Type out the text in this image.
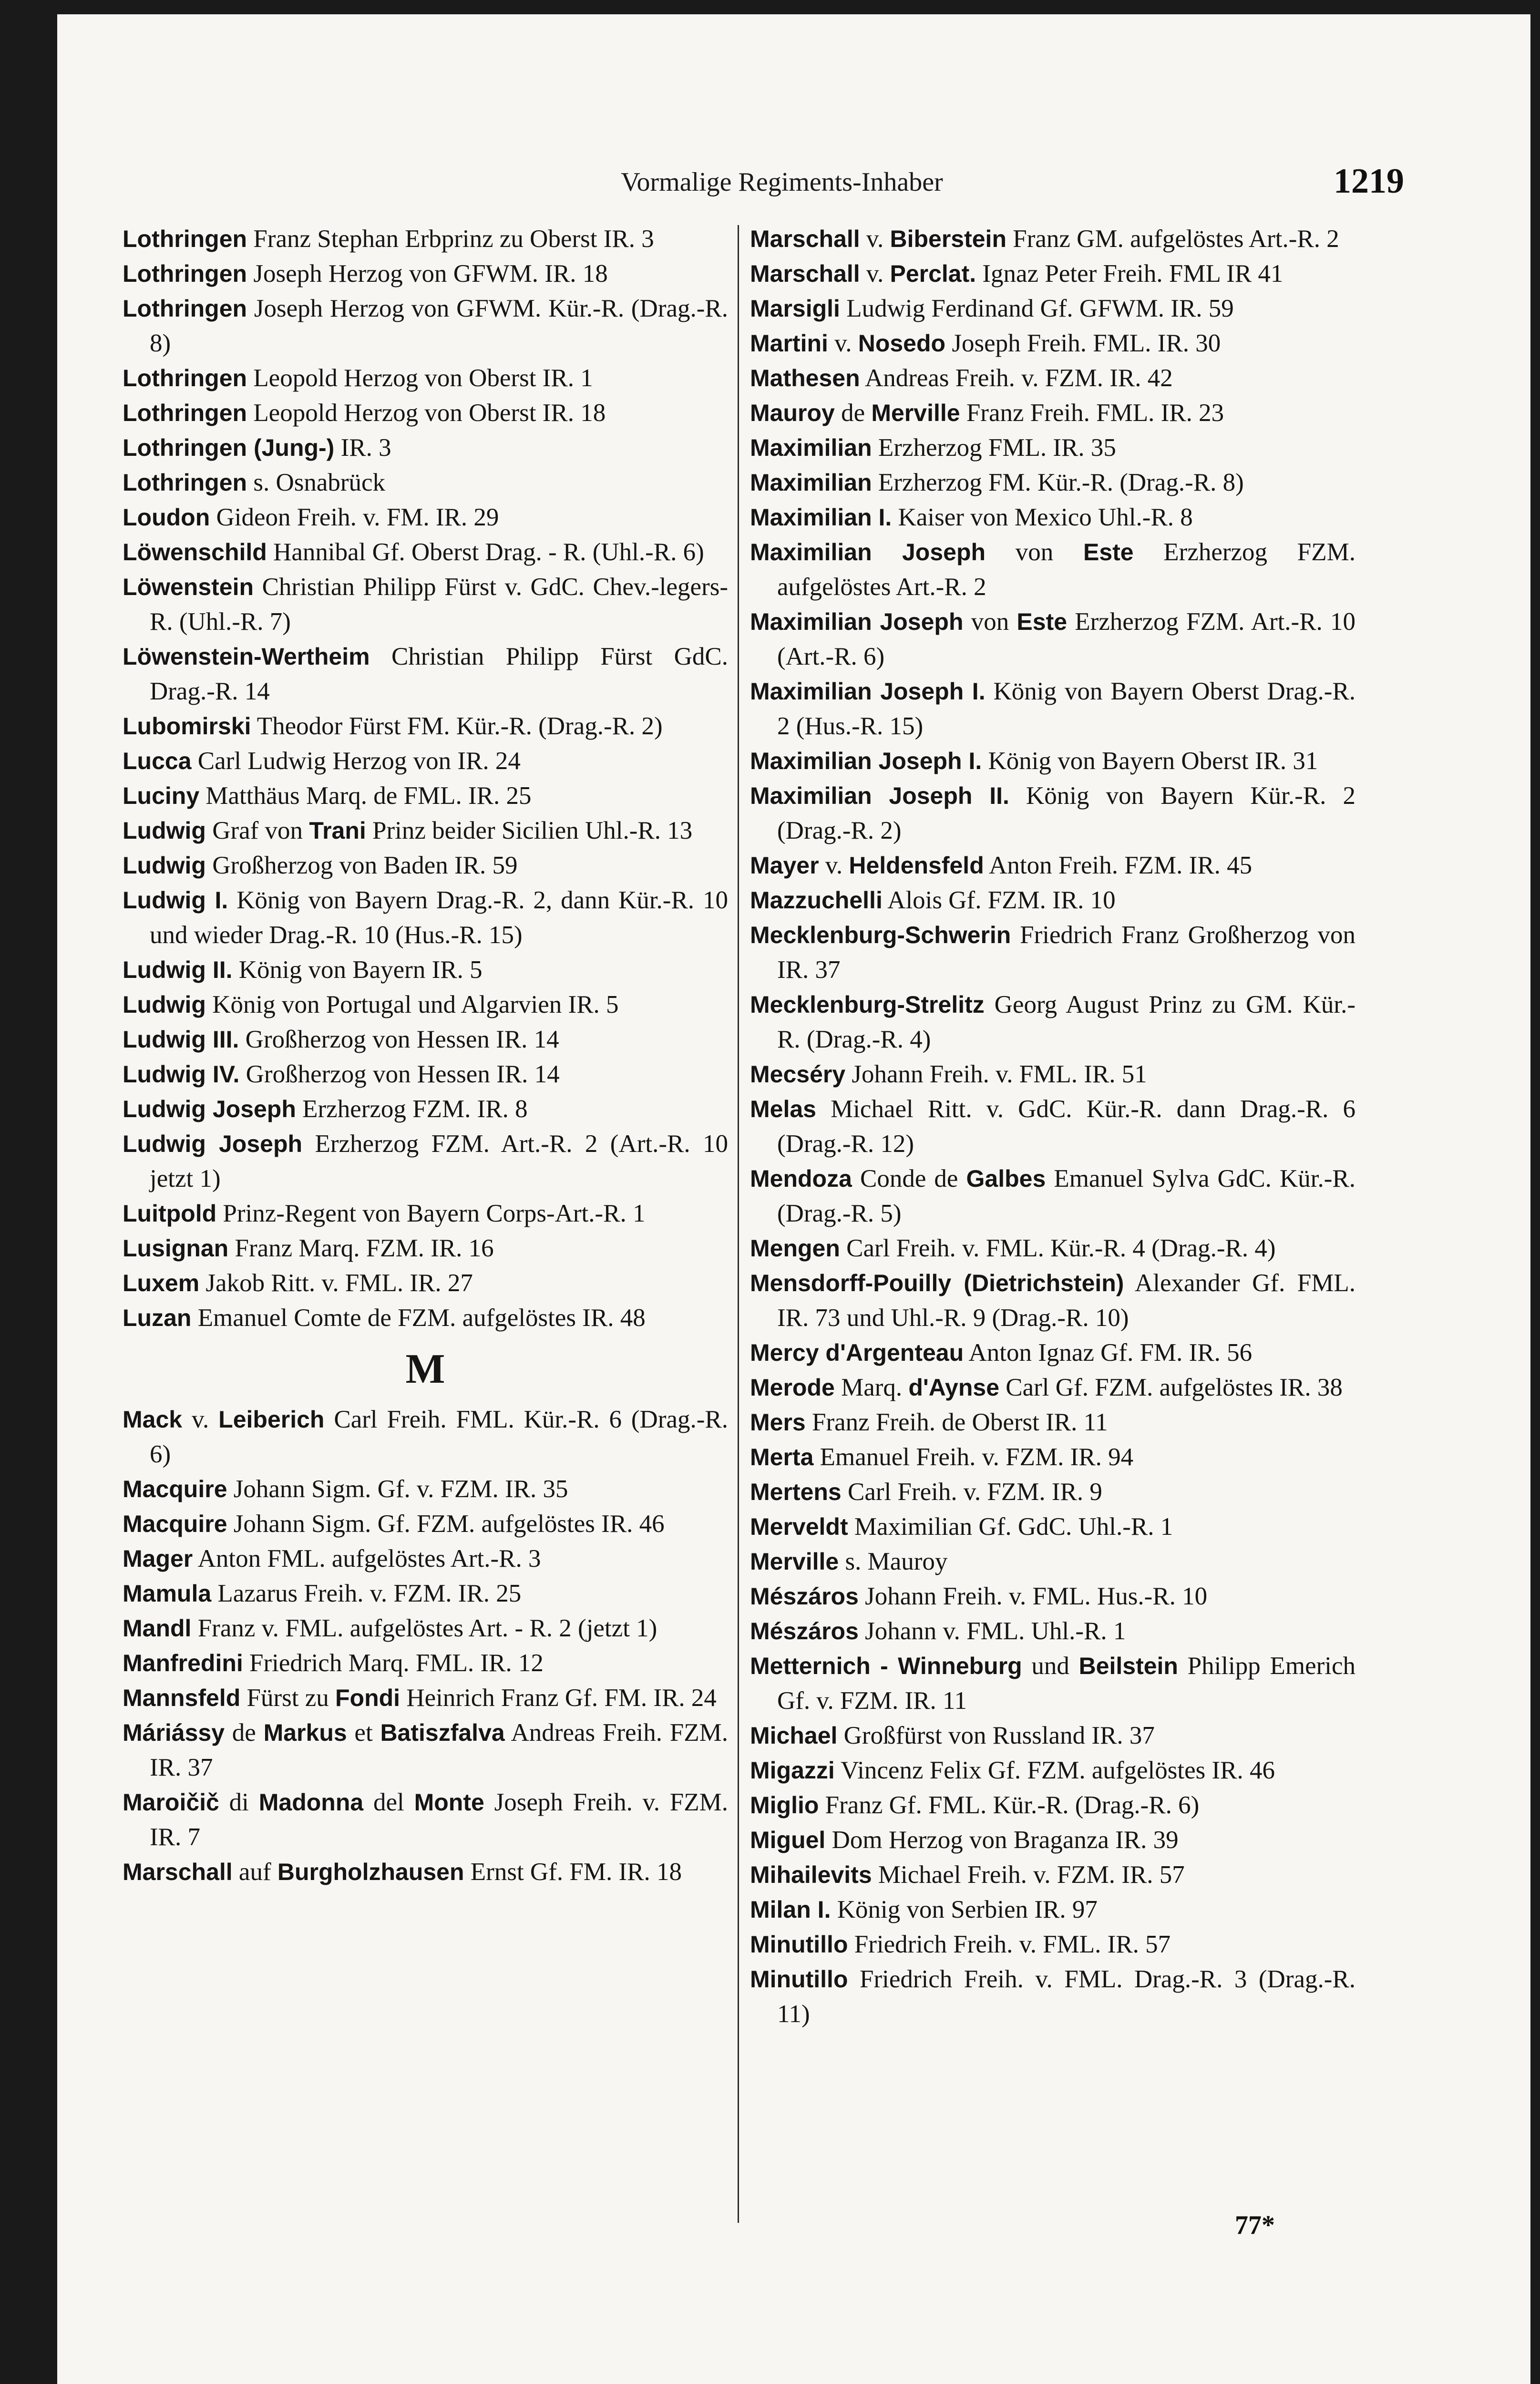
Vormalige Regiments-Inhaber	1219

Lothringen Franz Stephan Erbprinz zu Oberst IR. 3

Lothringen Joseph Herzog von GFWM. IR. 18

Lothringen Joseph Herzog von GFWM. Kür.-R. (Drag.-R. 8)

Lothringen Leopold Herzog von Oberst IR. 1

Lothringen Leopold Herzog von Oberst IR. 18

Lothringen (Jung-) IR. 3

Lothringen s. Osnabrück

Loudon Gideon Freih. v. FM. IR. 29

Löwenschild Hannibal Gf. Oberst Drag. - R. (Uhl.-R. 6)

Löwenstein Christian Philipp Fürst v. GdC. Chev.-legers-R. (Uhl.-R. 7)

Löwenstein-Wertheim Christian Philipp Fürst GdC. Drag.-R. 14

Lubomirski Theodor Fürst FM. Kür.-R. (Drag.-R. 2)

Lucca Carl Ludwig Herzog von IR. 24

Luciny Matthäus Marq. de FML. IR. 25

Ludwig Graf von Trani Prinz beider Sicilien Uhl.-R. 13

Ludwig Großherzog von Baden IR. 59

Ludwig I. König von Bayern Drag.-R. 2, dann Kür.-R. 10 und wieder Drag.-R. 10 (Hus.-R. 15)

Ludwig II. König von Bayern IR. 5

Ludwig König von Portugal und Algarvien IR. 5

Ludwig III. Großherzog von Hessen IR. 14

Ludwig IV. Großherzog von Hessen IR. 14

Ludwig Joseph Erzherzog FZM. IR. 8

Ludwig Joseph Erzherzog FZM. Art.-R. 2 (Art.-R. 10 jetzt 1)

Luitpold Prinz-Regent von Bayern Corps-Art.-R. 1

Lusignan Franz Marq. FZM. IR. 16

Luxem Jakob Ritt. v. FML. IR. 27

Luzan Emanuel Comte de FZM. aufgelöstes IR. 48

M

Mack v. Leiberich Carl Freih. FML. Kür.-R. 6 (Drag.-R. 6)

Macquire Johann Sigm. Gf. v. FZM. IR. 35

Macquire Johann Sigm. Gf. FZM. aufgelöstes IR. 46

Mager Anton FML. aufgelöstes Art.-R. 3

Mamula Lazarus Freih. v. FZM. IR. 25

Mandl Franz v. FML. aufgelöstes Art. - R. 2 (jetzt 1)

Manfredini Friedrich Marq. FML. IR. 12

Mannsfeld Fürst zu Fondi Heinrich Franz Gf. FM. IR. 24

Máriássy de Markus et Batiszfalva Andreas Freih. FZM. IR. 37

Maroičič di Madonna del Monte Joseph Freih. v. FZM. IR. 7

Marschall auf Burgholzhausen Ernst Gf. FM. IR. 18

Marschall v. Biberstein Franz GM. aufgelöstes Art.-R. 2

Marschall v. Perclat. Ignaz Peter Freih. FML IR 41

Marsigli Ludwig Ferdinand Gf. GFWM. IR. 59

Martini v. Nosedo Joseph Freih. FML. IR. 30

Mathesen Andreas Freih. v. FZM. IR. 42

Mauroy de Merville Franz Freih. FML. IR. 23

Maximilian Erzherzog FML. IR. 35

Maximilian Erzherzog FM. Kür.-R. (Drag.-R. 8)

Maximilian I. Kaiser von Mexico Uhl.-R. 8

Maximilian Joseph von Este Erzherzog FZM. aufgelöstes Art.-R. 2

Maximilian Joseph von Este Erzherzog FZM. Art.-R. 10 (Art.-R. 6)

Maximilian Joseph I. König von Bayern Oberst Drag.-R. 2 (Hus.-R. 15)

Maximilian Joseph I. König von Bayern Oberst IR. 31

Maximilian Joseph II. König von Bayern Kür.-R. 2 (Drag.-R. 2)

Mayer v. Heldensfeld Anton Freih. FZM. IR. 45

Mazzuchelli Alois Gf. FZM. IR. 10

Mecklenburg-Schwerin Friedrich Franz Großherzog von IR. 37

Mecklenburg-Strelitz Georg August Prinz zu GM. Kür.-R. (Drag.-R. 4)

Mecséry Johann Freih. v. FML. IR. 51

Melas Michael Ritt. v. GdC. Kür.-R. dann Drag.-R. 6 (Drag.-R. 12)

Mendoza Conde de Galbes Emanuel Sylva GdC. Kür.-R. (Drag.-R. 5)

Mengen Carl Freih. v. FML. Kür.-R. 4 (Drag.-R. 4)

Mensdorff-Pouilly (Dietrichstein) Alexander Gf. FML. IR. 73 und Uhl.-R. 9 (Drag.-R. 10)

Mercy d'Argenteau Anton Ignaz Gf. FM. IR. 56

Merode Marq. d'Aynse Carl Gf. FZM. aufgelöstes IR. 38

Mers Franz Freih. de Oberst IR. 11

Merta Emanuel Freih. v. FZM. IR. 94

Mertens Carl Freih. v. FZM. IR. 9

Merveldt Maximilian Gf. GdC. Uhl.-R. 1

Merville s. Mauroy

Mészáros Johann Freih. v. FML. Hus.-R. 10

Mészáros Johann v. FML. Uhl.-R. 1

Metternich - Winneburg und Beilstein Philipp Emerich Gf. v. FZM. IR. 11

Michael Großfürst von Russland IR. 37

Migazzi Vincenz Felix Gf. FZM. aufgelöstes IR. 46

Miglio Franz Gf. FML. Kür.-R. (Drag.-R. 6)

Miguel Dom Herzog von Braganza IR. 39

Mihailevits Michael Freih. v. FZM. IR. 57

Milan I. König von Serbien IR. 97

Minutillo Friedrich Freih. v. FML. IR. 57

Minutillo Friedrich Freih. v. FML. Drag.-R. 3 (Drag.-R. 11)

77*
